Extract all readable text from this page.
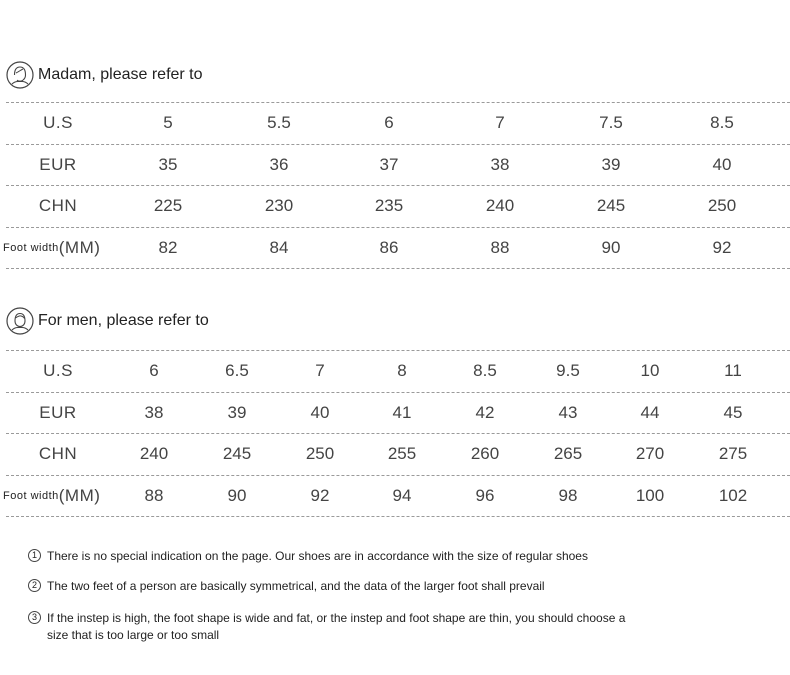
Madam, please refer to
U.S	5	5.5	6	7	7.5	8.5
EUR	35	36	37	38	39	40
CHN	225	230	235	240	245	250
Foot width (MM)	82	84	86	88	90	92
For men, please refer to
U.S	6	6.5	7	8	8.5	9.5	10	11
EUR	38	39	40	41	42	43	44	45
CHN	240	245	250	255	260	265	270	275
Foot width (MM)	88	90	92	94	96	98	100	102
1 There is no special indication on the page. Our shoes are in accordance with the size of regular shoes
2 The two feet of a person are basically symmetrical, and the data of the larger foot shall prevail
3 If the instep is high, the foot shape is wide and fat, or the instep and foot shape are thin, you should choose a size that is too large or too small
